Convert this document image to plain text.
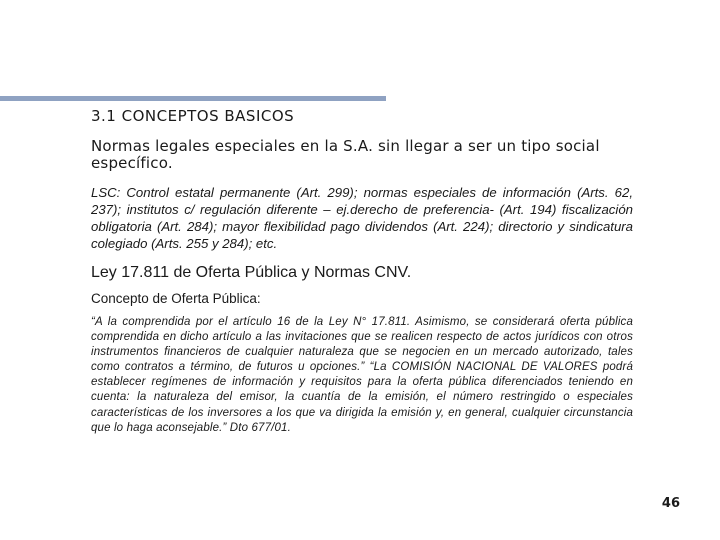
3.1 CONCEPTOS BASICOS
Normas legales especiales en la S.A. sin llegar a ser un tipo social específico.
LSC: Control estatal permanente (Art. 299); normas especiales de información (Arts. 62, 237); institutos c/ regulación diferente – ej.derecho de preferencia- (Art. 194) fiscalización obligatoria (Art. 284); mayor flexibilidad pago dividendos (Art. 224); directorio y sindicatura colegiado (Arts. 255 y 284); etc.
Ley 17.811 de Oferta Pública y Normas CNV.
Concepto de Oferta Pública:
“A la comprendida por el artículo 16 de la Ley N° 17.811. Asimismo, se considerará oferta pública comprendida en dicho artículo a las invitaciones que se realicen respecto de actos jurídicos con otros instrumentos financieros de cualquier naturaleza que se negocien en un mercado autorizado, tales como contratos a término, de futuros u opciones.” “La COMISIÓN NACIONAL DE VALORES podrá establecer regímenes de información y requisitos para la oferta pública diferenciados teniendo en cuenta: la naturaleza del emisor, la cuantía de la emisión, el número restringido o especiales características de los inversores a los que va dirigida la emisión y, en general, cualquier circunstancia que lo haga aconsejable.” Dto 677/01.
46
